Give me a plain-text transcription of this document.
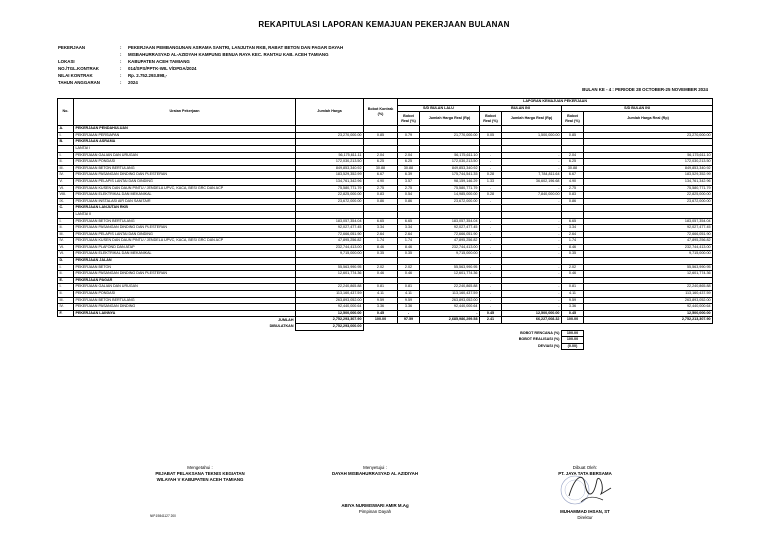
REKAPITULASI LAPORAN KEMAJUAN PEKERJAAN BULANAN
PEKERJAAN	:	PEKERJAAN PEMBANGUNAN ASRAMA SANTRI, LANJUTAN RKB, RABAT BETON DAN PAGAR DAYAH
:	MISBAHURRASYAD AL-AZIDYAH KAMPUNG BENUA RAYA KEC. RANTAU KAB. ACEH TAMIANG
LOKASI	:	KABUPATEN ACEH TAMIANG
NO./TGL.KONTRAK	:	014/SPS/PPTK-WIL V/DPDA/2024
NILAI KONTRAK	:	Rp. 2.752.293.898,-
TAHUN ANGGARAN	:	2024
BULAN KE - 4 : PERIODE 28 OCTOBER-25 NOVEMBER 2024
No.	Uraian Pekerjaan	Jumlah Harga	Bobot Kontrak (%)	LAPORAN KEMAJUAN PEKERJAAN					
				S/D BULAN LALU		BULAN INI		S/D BULAN INI	
				Bobot Real (%)	Jumlah Harga Real (Rp)	Bobot Real (%)	Jumlah Harga Real (Rp)	Bobot Real (%)	Jumlah Harga Real (Rp)
A.	PEKERJAAN PENDAHULUAN								
I.	PEKERJAAN PERSIAPAN	23,270,000.00	0.85	0.79	21,770,000.00	0.05	1,500,000.00	0.85	23,270,000.00
B.	PEKERJAAN ASRAMA								
	LANTAI I								
I.	PEKERJAAN GALIAN DAN URUGAN	56,175,611.11	2.04	2.04	56,175,611.10	-	-	2.04	56,175,611.10
II.	PEKERJAAN PONDASI	172,030,213.50	6.25	6.25	172,030,213.50	-	-	6.25	172,030,213.50
III.	PEKERJAAN BETON BERTULANG	849,853,340.92	30.88	30.88	849,853,340.92	-	-	30.88	849,853,340.92
IV.	PEKERJAAN PASANGAN DINDING DAN PLESTERAN	183,529,352.99	6.67	6.39	175,744,541.35	0.28	7,784,811.64	6.67	183,529,352.99
V.	PEKERJAAN PELAPIS LANTAI DAN DINDING	134,761,342.96	4.90	3.57	98,159,146.29	1.33	36,602,196.68	4.90	134,761,342.96
VI.	PEKERJAAN KUSEN DAN DAUN PINTU / JENDELA UPVC, KACA, BESI GRC DAN ACP	75,580,771.79	2.75	2.75	75,580,771.79	-	-	2.75	75,580,771.79
VIII.	PEKERJAAN ELEKTRIKAL DAN MEKANIKAL	22,825,000.00	0.83	0.54	14,985,000.00	0.28	7,840,000.00	0.83	22,825,000.00
IX.	PEKERJAAN INSTALASI AIR DAN SANITAIR	23,672,000.00	0.86	0.86	23,672,000.00	-	-	0.86	23,672,000.00
C.	PEKERJAAN LANJUTAN RKB								
	LANTAI II								
I.	PEKERJAAN BETON BERTULANG	183,057,354.04	6.65	6.65	183,057,354.04	-	-	6.65	183,057,354.04
II.	PEKERJAAN PASANGAN DINDING DAN PLESTERAN	92,027,477.45	3.34	3.34	92,027,477.45	-	-	3.34	92,027,477.45
III.	PEKERJAAN PELAPIS LANTAI DAN DINDING	72,666,051.90	2.64	2.64	72,666,051.90	-	-	2.64	72,666,051.90
IV.	PEKERJAAN KUSEN DAN DAUN PINTU / JENDELA UPVC, KACA, BESI GRC DAN ACP	47,895,256.82	1.74	1.74	47,895,256.82	-	-	1.74	47,895,256.82
VI.	PEKERJAAN PLAFOND DAN ATAP	232,744,413.00	8.46	8.46	232,744,413.00	-	-	8.46	232,744,413.00
VI.	PEKERJAAN ELEKTRIKAL DAN MEKANIKAL	9,715,000.00	0.35	0.35	9,715,000.00	-	-	0.35	9,715,000.00
D.	PEKERJAAN JALAN								
I.	PEKERJAAN BETON	55,563,990.95	2.02	2.02	55,563,990.95	-	-	2.02	55,563,990.95
II.	PEKERJAAN PASANGAN DINDING DAN PLESTERAN	12,601,774.36	0.46	0.46	12,601,774.36	-	-	0.46	12,601,774.36
E.	PEKERJAAN PAGAR								
I.	PEKERJAAN GALIAN DAN URUGAN	22,240,865.88	0.81	0.81	22,240,865.88	-	-	0.81	22,240,865.88
II.	PEKERJAAN PONDASI	113,160,437.59	4.11	4.11	113,160,437.59	-	-	4.11	113,160,437.59
III.	PEKERJAAN BETON BERTULANG	263,893,052.00	9.59	9.59	263,893,052.00	-	-	9.59	263,893,052.00
IV.	PEKERJAAN PASANGAN DINDING	92,440,000.64	3.36	3.36	92,440,000.64	-	-	3.36	92,440,000.64
F.	PEKERJAAN LAINNYA	12,500,000.00	0.45	-	-	0.45	12,500,000.00	0.45	12,500,000.00
JUMLAH		2,752,293,307.90	100.00	97.59	2,685,986,299.58	2.41	66,227,008.32	100.00	2,752,213,307.90
DIBULATKAN		2,752,293,000.00							
							BOBOT RENCANA (%)	100.00	
							BOBOT REALISASI (%)	100.00	
							DEVIASI (%)	(0.00)	
Mengetahui :
PEJABAT PELAKSANA TEKNIS KEGIATAN
WILAYAH V KABUPATEN ACEH TAMIANG
NIP.19841127 200
Menyetujui :
DAYAH MISBAHURRASYAD AL AZIDIYAH
ABIYA NURMISWARI AMIR M.Ag
Pimpinan Dayah
Dibuat Oleh:
PT. JAYA TATA BERSAMA
MUHAMMAD IHSAN, ST
Direktur
